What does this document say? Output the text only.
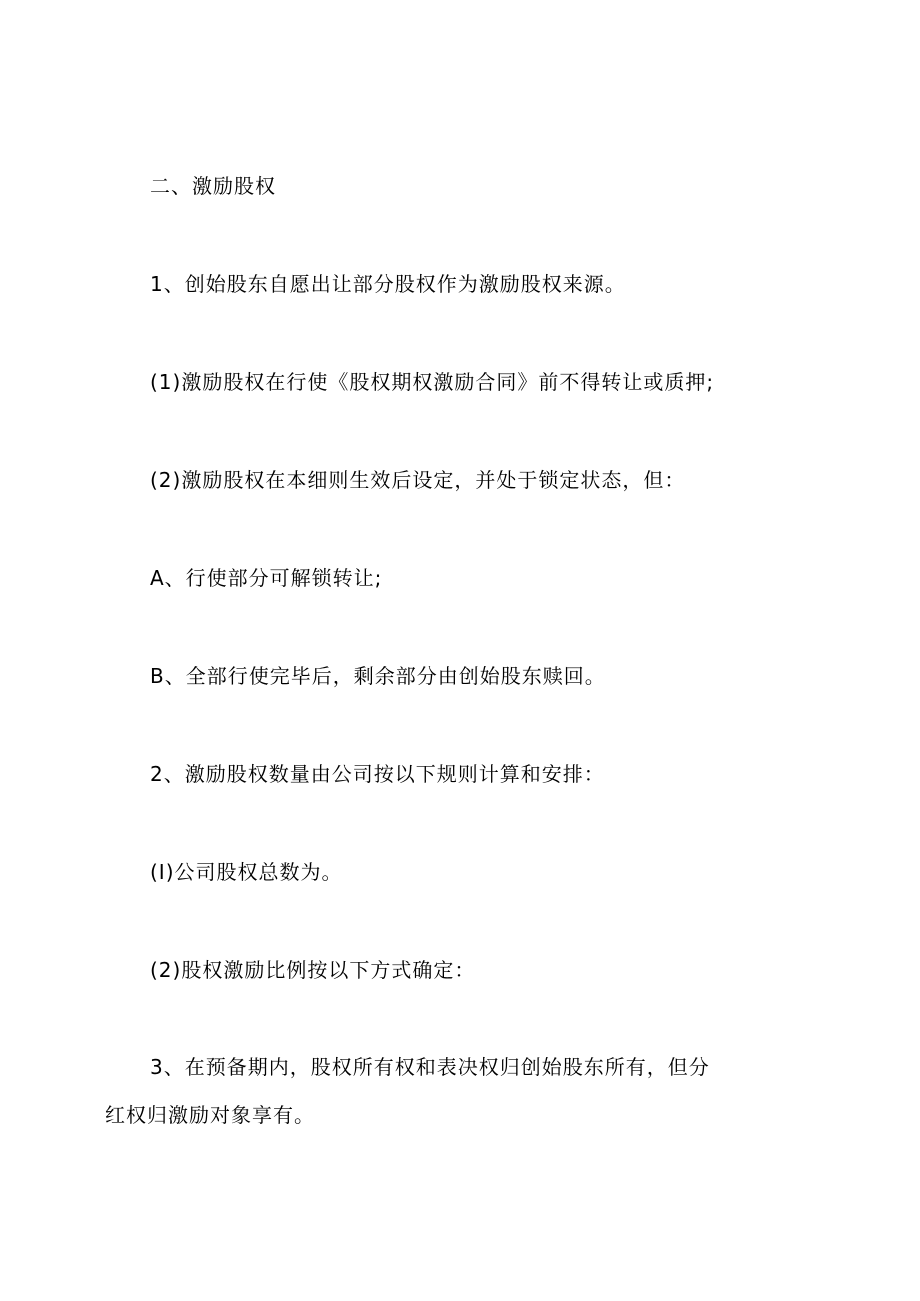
二、激励股权
1、创始股东自愿出让部分股权作为激励股权来源。
(1)激励股权在行使《股权期权激励合同》前不得转让或质押;
(2)激励股权在本细则生效后设定，并处于锁定状态，但：
A、行使部分可解锁转让;
B、全部行使完毕后，剩余部分由创始股东赎回。
2、激励股权数量由公司按以下规则计算和安排：
(I)公司股权总数为。
(2)股权激励比例按以下方式确定：
3、在预备期内，股权所有权和表决权归创始股东所有，但分
红权归激励对象享有。
